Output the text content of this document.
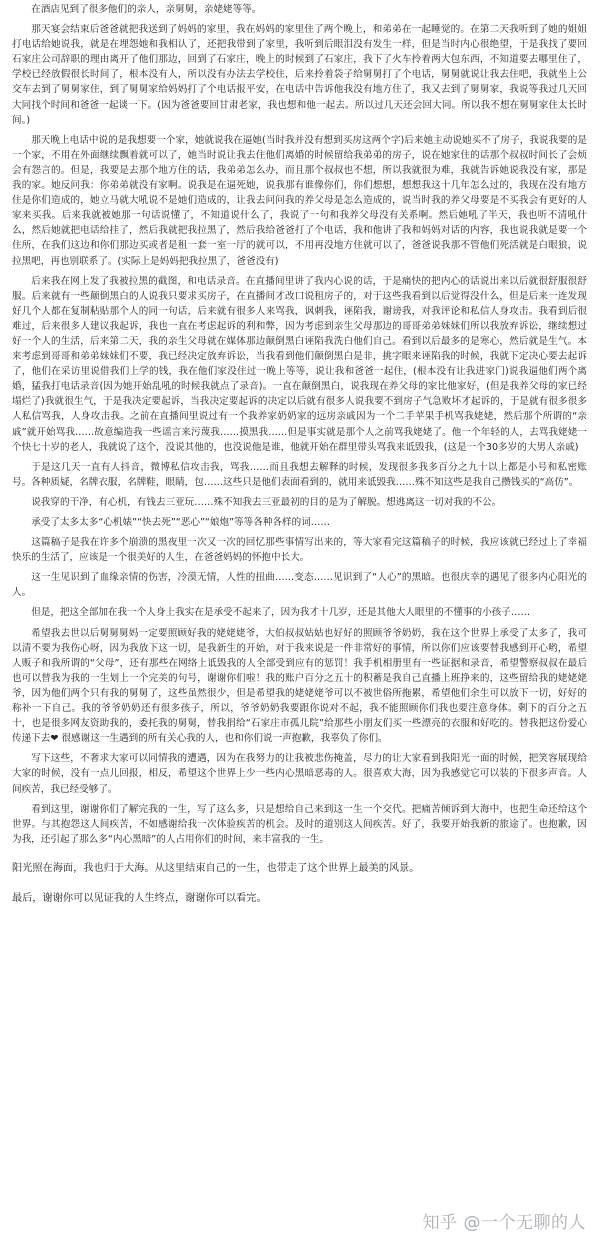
在酒店见到了很多他们的亲人，亲舅舅，亲姥姥等等。

那天宴会结束后爸爸就把我送到了妈妈的家里，我在妈妈的家里住了两个晚上，和弟弟在一起睡觉的。在第二天我听到了她的姐姐打电话给她说我，就是在埋怨她和我相认了，还把我带到了家里，我听到后眼泪没有发生一样，但是当时内心很绝望，于是我找了要回石家庄公司辞职的理由离开了他们那边，回到了石家庄，晚上的时候到了石家庄，我下了火车拎着两大包东西，不知道要去哪里住了，学校已经放假很长时间了，根本没有人，所以没有办法去学校住，后来拎着袋子给舅舅打了个电话，舅舅就说让我去住吧，我就坐上公交车去到了舅舅家住，到了舅舅家给妈妈打了个电话报平安，在电话中告诉他我没有地方住了，我又去到了舅舅家，我说等我过几天回大同找个时间和爸爸一起谈一下。(因为爸爸要回甘肃老家，我也想和他一起去。所以过几天还会回大同。所以我不想在舅舅家住太长时间。)

那天晚上电话中说的是我想要一个家，她就说我在逼她(当时我并没有想到买房这两个字)后来她主动说她买不了房子，我说我要的是一个家，不用在外面继续飘着就可以了，她当时说让我去住他们离婚的时候留给我弟弟的房子，说在她家住的话那个叔叔时间长了会烦会有怨言的。但是，我要是去那个地方住的话，我弟弟怎么办，而且那个叔叔也不想，所以我就很为难，我就告诉她说我没有家，那是我的家。她反问我：你弟弟就没有家啊。说我是在逼死她，说我那有谁像你们，你们想想，想想我这十几年怎么过的，我现在没有地方住是你们造成的，她立马就大吼说不是她们造成的，让我去问问我的养父母是怎么造成的，说当时我的养父母要是不买我会有更好的人家来买我。后来我就被她那一句话说懂了，不知道说什么了，我说了一句和我养父母没有关系啊。然后她吼了半天，我也听不清吼什么，然后她就把电话给挂了，然后我就把我拉黑了，然后我给爸爸打了个电话，我和他讲了我和妈妈对话的内容，我也说我就是要一个住所，在我们这边和你们那边买或者是租一套一室一厅的就可以，不用再没地方住就可以了，爸爸说我那不管他们死活就是白眼狼，说拉黑吧，再也别联系了。(实际上是妈妈把我拉黑了，爸爸没有)

后来我在网上发了我被拉黑的截图，和电话录音。在直播间里讲了我内心说的话，于是痛快的把内心的话说出来以后就很舒服很舒服。后来就有一些颠倒黑白的人说我只要求买房子，在直播间才改口说租房子的，对于这些我看到以后觉得没什么，但是后来一连发现好几个人都在复制粘贴那个人的同一句话，后来就有很多人来骂我，讽刺我，诬陷我，谢谤我，对我评论和私信人身攻击。我看到后很难过，后来很多人建议我起诉，我也一直在考虑起诉的利和弊，因为考虑到亲生父母那边的哥哥弟弟妹妹们所以我放弃诉讼，继续想过好一个人的生活，后来第二天，我的亲生父母就在媒体那边颠倒黑白诬陷我洗白他们自己。看到以后最多的是寒心，然后就是生气。本来考虑到哥哥和弟弟妹妹们不要，我已经决定放弃诉讼，当我看到他们颠倒黑白是非，挑字眼来诬陷我的时候，我就下定决心要去起诉了，他们在采访里说借我们上学的钱，我在他们家没住过一晚上等等，说让我和爸爸一起住，(根本没有让我进家门)说我逼他们两个离婚，猛我打电话录音(因为她开始乱吼的时候我就点了录音)。一直在颠倒黑白，说我现在养父母的家比他家好，(但是我养父母的家已经塌烂了)我就很生气，于是我决定要起诉，当我决定要起诉的决定以后就有很多人说我要不到房子气急败坏才起诉的，于是就有很多很多人私信骂我，人身攻击我。之前在直播间里说过有一个我养家奶奶家的远房亲戚因为一个二手苹果手机骂我姥姥，然后那个所谓的“亲戚”就开始骂我……故意编造我一些谣言来污蔑我……摸黑我……但是事实就是那个人之前骂我姥姥了。他一个年轻的人，去骂我姥姥一个快七十岁的老人，我就说了这个，没说其他的，也没说他是谁，他就开始在群里带头骂我来诋毁我，(这是一个30多岁的大男人亲戚)

于是这几天一直有人抖音，微博私信攻击我，骂我……而且我想去解释的时候，发现很多我多百分之九十以上都是小号和私密账号。各种质疑，名牌衣服，名牌鞋，眼睛，包……这些只是他们表面看到的，就用来诋毁我……殊不知这些是我自己攒钱买的“高仿”。

说我穿的干净，有心机，有钱去三亚玩……殊不知我去三亚最初的目的是为了解脱。想逃离这一切对我的不公。

承受了太多太多“心机婊”“快去死”“恶心”“娘炮”等等各种各样的词……

这篇稿子是我在许多个崩溃的黑夜里一次又一次的回忆那些事情写出来的，等大家看完这篇稿子的时候，我应该就已经过上了幸福快乐的生活了，应该是一个很美好的人生，在爸爸妈妈的怀抱中长大。

这一生见识到了血缘亲情的伤害，冷漠无情，人性的扭曲……变态……见识到了“人心”的黑暗。也很庆幸的遇见了很多内心阳光的人。

但是，把这全部加在我一个人身上我实在是承受不起来了，因为我才十几岁，还是其他大人眼里的不懂事的小孩子……

希望我去世以后舅舅舅妈一定要照顾好我的姥姥姥爷，大伯叔叔姑姑也好好的照顾爷爷奶奶，我在这个世界上承受了太多了，我可以清不要为我伤心呀，因为我放下这一切，是我新生的开始，对于我来说是一件非常好的事情，所以你们应该要替我感到开心哟，希望人贩子和我所谓的“父母”，还有那些在网络上诋毁我的人全部受到应有的惩罚！我手机相册里有一些证据和录音，希望警察叔叔在最后也可以替我为我的一生划上一个完美的句号，谢谢你们啦！我的账户百分之五十的积蓄是我自己直播上班挣来的，这些留给我的姥姥姥爷，因为他们两个只有我的舅舅了，这些虽然很少，但是希望我的姥姥姥爷可以不被世俗所拖累，希望他们余生可以放下一切，好好的称补一下自己。我的爷爷奶奶还有很多孩子，所以，爷爷奶奶我要跟你说对不起，我不能照顾你们我也要注意身体。剩下的百分之五十，也是很多网友资助我的，委托我的舅舅，替我捐给“石家庄市孤儿院”给那些小朋友们买一些漂亮的衣服和好吃的。替我把这份爱心传递下去❤ 很感谢这一生遇到的所有关心我的人，也和你们说一声抱歉，我辜负了你们。

写下这些，不奢求大家可以同情我的遭遇，因为在我努力的让我被悲伤掩盖，尽力的让大家看到我阳光一面的时候，把笑容展现给大家的时候，没有一点儿回报，相反，希望这个世界上少一些内心黑暗恶毒的人。很喜欢大海，因为我感觉它可以装的下很多声音。人间疾苦，我已经受够了。

看到这里，谢谢你们了解完我的一生，写了这么多，只是想给自己来到这一生一个交代。把痛苦倾诉到大海中，也把生命还给这个世界。与其抱怨这人间疾苦，不如感谢给我一次体验疾苦的机会。及时的道别这人间疾苦。好了，我要开始我新的旅途了。也抱歉，因为我，还引起了那么多“内心黑暗”的人占用你们的时间，来丰富我的一生。

阳光照在海面，我也归于大海。从这里结束自己的一生，也带走了这个世界上最美的风景。

最后，谢谢你可以见证我的人生终点，谢谢你可以看完。

知乎 @一个无聊的人
